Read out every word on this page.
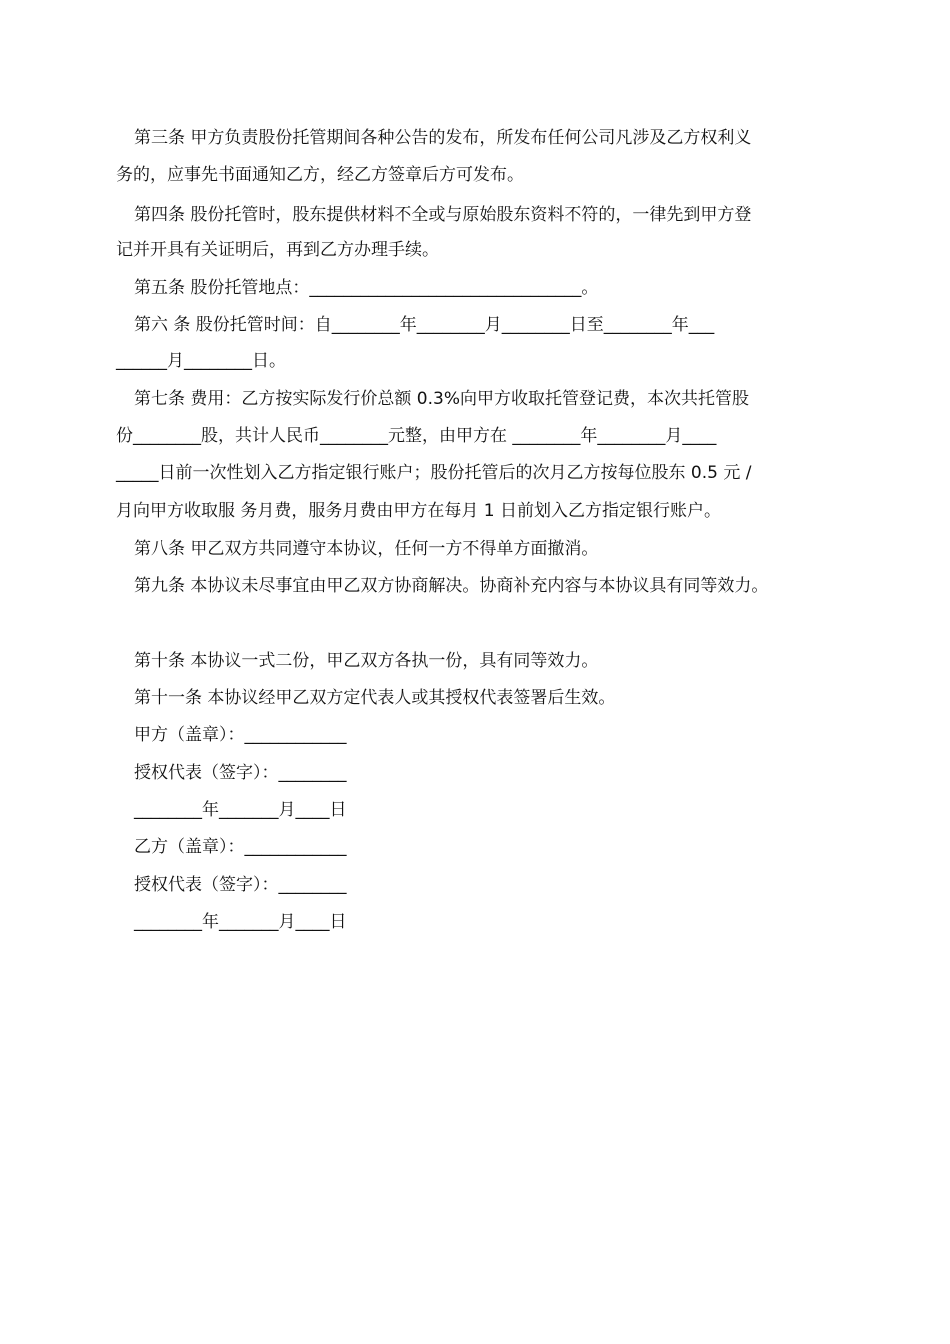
第三条 甲方负责股份托管期间各种公告的发布，所发布任何公司凡涉及乙方权利义

务的，应事先书面通知乙方，经乙方签章后方可发布。

第四条 股份托管时，股东提供材料不全或与原始股东资料不符的，一律先到甲方登

记并开具有关证明后，再到乙方办理手续。

第五条 股份托管地点：________________________________。

第六 条 股份托管时间：自________年________月________日至________年___

______月________日。

第七条 费用：乙方按实际发行价总额 0.3%向甲方收取托管登记费，本次共托管股

份________股，共计人民币________元整，由甲方在 ________年________月____

_____日前一次性划入乙方指定银行账户；股份托管后的次月乙方按每位股东 0.5 元 /

月向甲方收取服 务月费，服务月费由甲方在每月 1 日前划入乙方指定银行账户。

第八条 甲乙双方共同遵守本协议，任何一方不得单方面撤消。

第九条 本协议未尽事宜由甲乙双方协商解决。协商补充内容与本协议具有同等效力。

第十条 本协议一式二份，甲乙双方各执一份，具有同等效力。

第十一条 本协议经甲乙双方定代表人或其授权代表签署后生效。

甲方（盖章）：____________

授权代表（签字）：________

________年_______月____日

乙方（盖章）：____________

授权代表（签字）：________

________年_______月____日
